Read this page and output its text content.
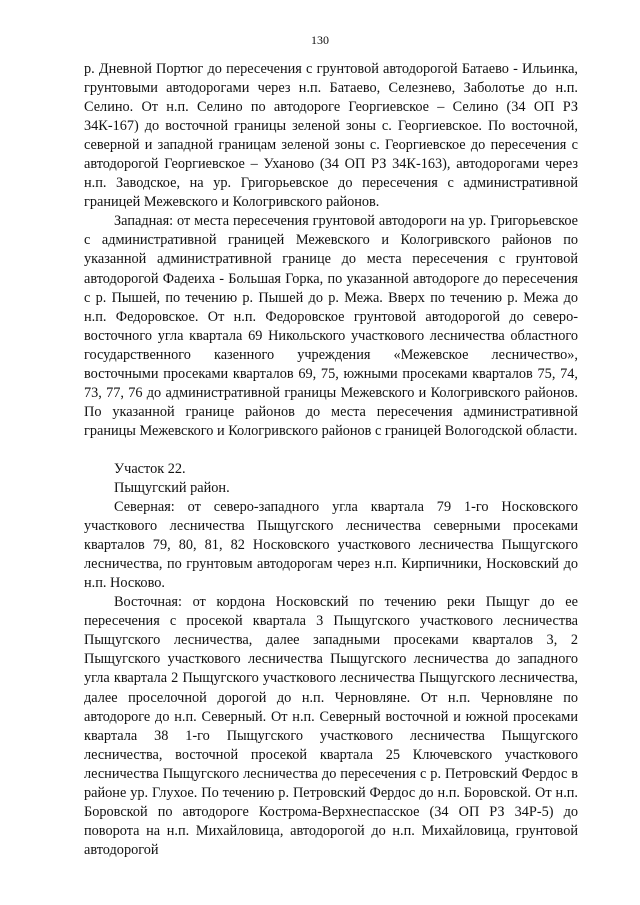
130

р. Дневной Портюг до пересечения с грунтовой автодорогой Батаево - Ильинка, грунтовыми автодорогами через н.п. Батаево, Селезнево, Заболотье до н.п. Селино. От н.п. Селино по автодороге Георгиевское – Селино (34 ОП РЗ 34К-167) до восточной границы зеленой зоны с. Георгиевское. По восточной, северной и западной границам зеленой зоны с. Георгиевское до пересечения с автодорогой Георгиевское – Уханово (34 ОП РЗ 34К-163), автодорогами через н.п. Заводское, на ур. Григорьевское до пересечения с административной границей Межевского и Кологривского районов.

Западная: от места пересечения грунтовой автодороги на ур. Григорьевское с административной границей Межевского и Кологривского районов по указанной административной границе до места пересечения с грунтовой автодорогой Фадеиха - Большая Горка, по указанной автодороге до пересечения с р. Пышей, по течению р. Пышей до р. Межа. Вверх по течению р. Межа до н.п. Федоровское. От н.п. Федоровское грунтовой автодорогой до северо-восточного угла квартала 69 Никольского участкового лесничества областного государственного казенного учреждения «Межевское лесничество», восточными просеками кварталов 69, 75, южными просеками кварталов 75, 74, 73, 77, 76 до административной границы Межевского и Кологривского районов. По указанной границе районов до места пересечения административной границы Межевского и Кологривского районов с границей Вологодской области.

Участок 22.

Пыщугский район.

Северная: от северо-западного угла квартала 79 1-го Носковского участкового лесничества Пыщугского лесничества северными просеками кварталов 79, 80, 81, 82 Носковского участкового лесничества Пыщугского лесничества, по грунтовым автодорогам через н.п. Кирпичники, Носковский до н.п. Носково.

Восточная: от кордона Носковский по течению реки Пыщуг до ее пересечения с просекой квартала 3 Пыщугского участкового лесничества Пыщугского лесничества, далее западными просеками кварталов 3, 2 Пыщугского участкового лесничества Пыщугского лесничества до западного угла квартала 2 Пыщугского участкового лесничества Пыщугского лесничества, далее проселочной дорогой до н.п. Черновляне. От н.п. Черновляне по автодороге до н.п. Северный. От н.п. Северный восточной и южной просеками квартала 38 1-го Пыщугского участкового лесничества Пыщугского лесничества, восточной просекой квартала 25 Ключевского участкового лесничества Пыщугского лесничества до пересечения с р. Петровский Фердос в районе ур. Глухое. По течению р. Петровский Фердос до н.п. Боровской. От н.п. Боровской по автодороге Кострома-Верхнеспасское (34 ОП РЗ 34Р-5) до поворота на н.п. Михайловица, автодорогой до н.п. Михайловица, грунтовой автодорогой
